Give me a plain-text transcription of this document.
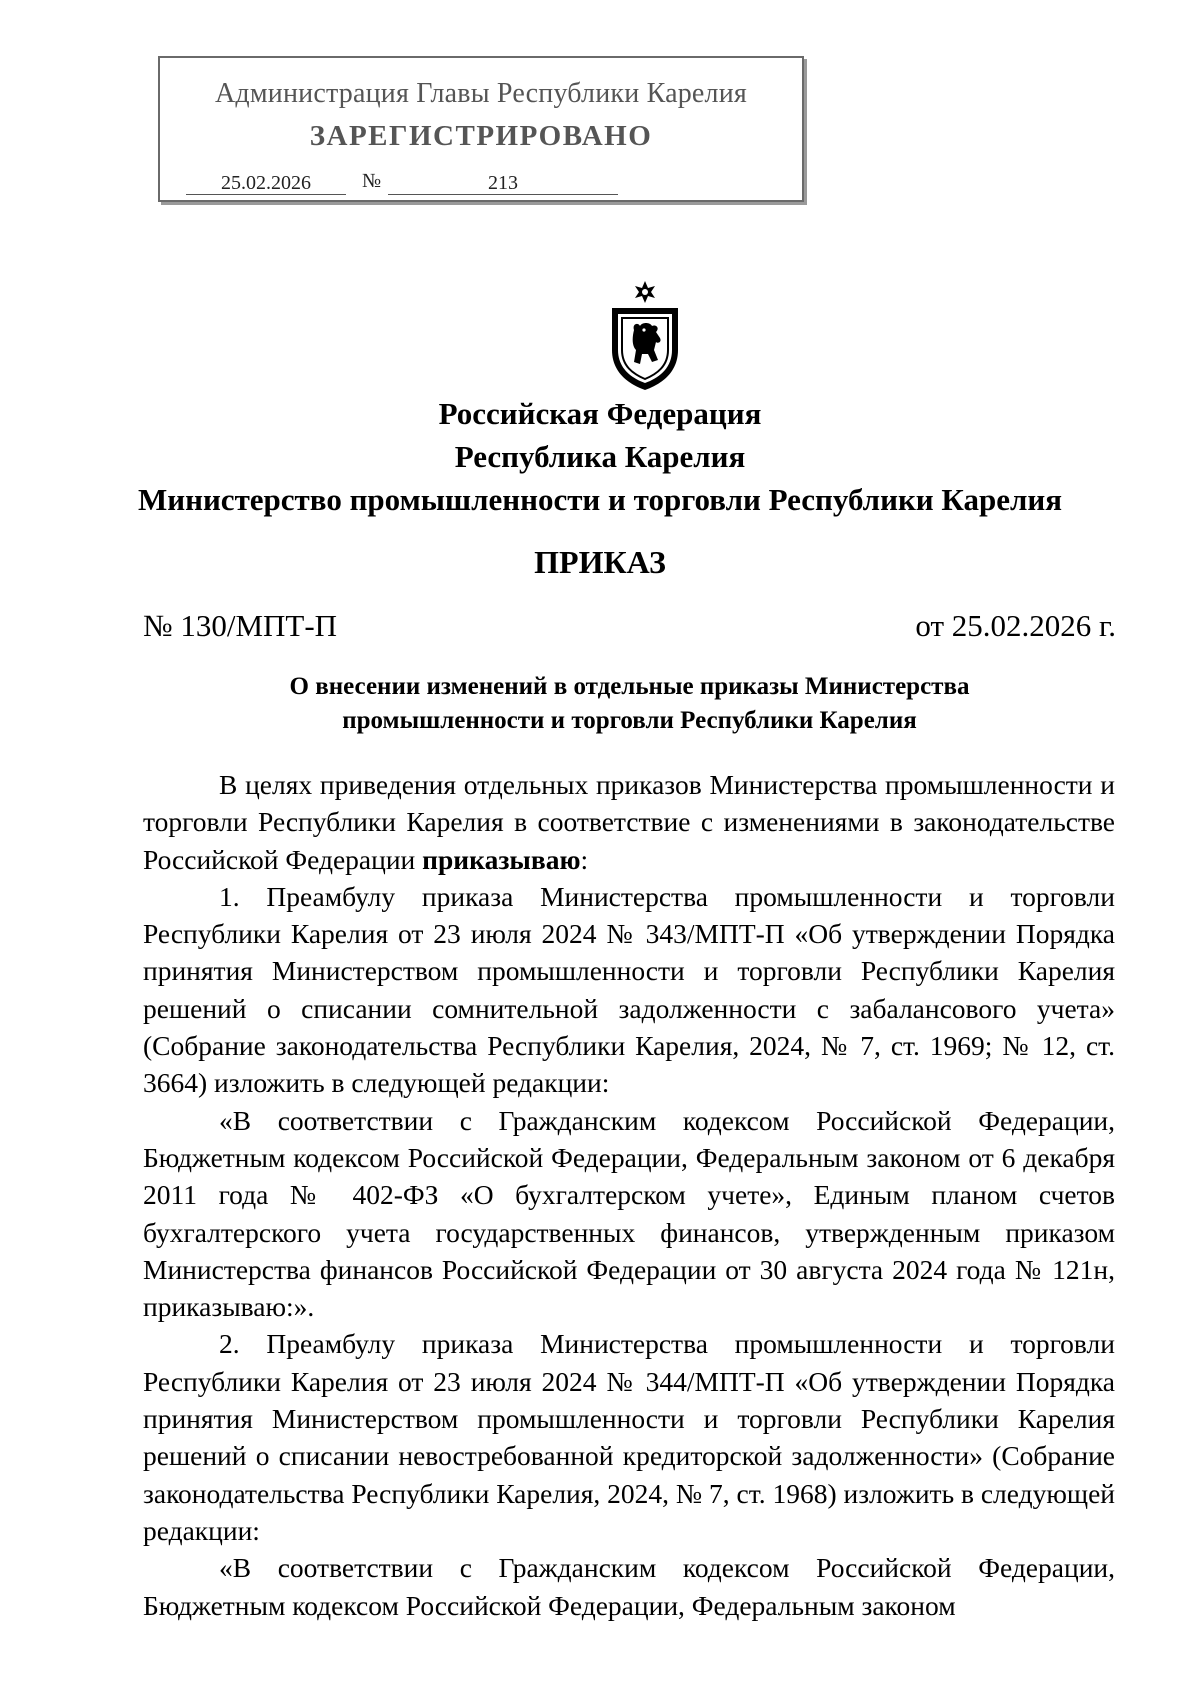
Администрация Главы Республики Карелия
ЗАРЕГИСТРИРОВАНО
25.02.2026	№	213
Российская Федерация
Республика Карелия
Министерство промышленности и торговли Республики Карелия
ПРИКАЗ
№ 130/МПТ-П	от 25.02.2026 г.
О внесении изменений в отдельные приказы Министерства
промышленности и торговли Республики Карелия

В целях приведения отдельных приказов Министерства промышленности и торговли Республики Карелия в соответствие с изменениями в законодательстве Российской Федерации приказываю:

1. Преамбулу приказа Министерства промышленности и торговли Республики Карелия от 23 июля 2024 № 343/МПТ-П «Об утверждении Порядка принятия Министерством промышленности и торговли Республики Карелия решений о списании сомнительной задолженности с забалансового учета» (Собрание законодательства Республики Карелия, 2024, № 7, ст. 1969; № 12, ст. 3664) изложить в следующей редакции:

«В соответствии с Гражданским кодексом Российской Федерации, Бюджетным кодексом Российской Федерации, Федеральным законом от 6 декабря 2011 года № 402-ФЗ «О бухгалтерском учете», Единым планом счетов бухгалтерского учета государственных финансов, утвержденным приказом Министерства финансов Российской Федерации от 30 августа 2024 года № 121н, приказываю:».

2. Преамбулу приказа Министерства промышленности и торговли Республики Карелия от 23 июля 2024 № 344/МПТ-П «Об утверждении Порядка принятия Министерством промышленности и торговли Республики Карелия решений о списании невостребованной кредиторской задолженности» (Собрание законодательства Республики Карелия, 2024, № 7, ст. 1968) изложить в следующей редакции:

«В соответствии с Гражданским кодексом Российской Федерации, Бюджетным кодексом Российской Федерации, Федеральным законом
